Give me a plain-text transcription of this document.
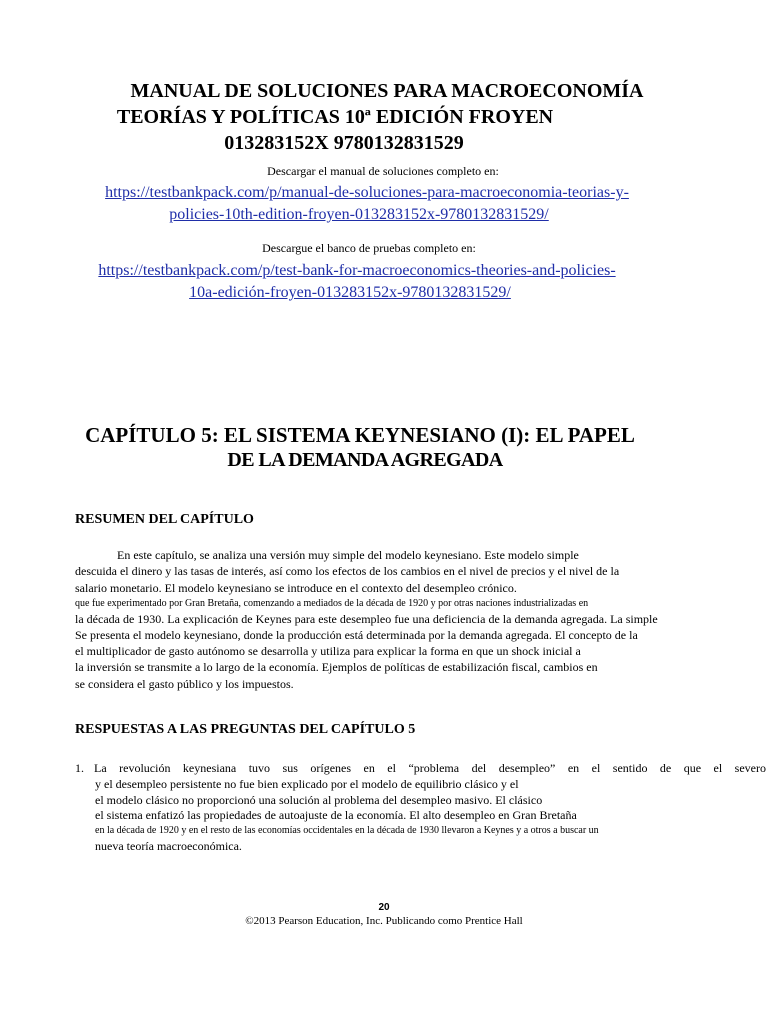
MANUAL DE SOLUCIONES PARA MACROECONOMÍA
TEORÍAS Y POLÍTICAS 10ª EDICIÓN FROYEN
013283152X 9780132831529
Descargar el manual de soluciones completo en:
https://testbankpack.com/p/manual-de-soluciones-para-macroeconomia-teorias-y-
policies-10th-edition-froyen-013283152x-9780132831529/
Descargue el banco de pruebas completo en:
https://testbankpack.com/p/test-bank-for-macroeconomics-theories-and-policies-
10a-edición-froyen-013283152x-9780132831529/
CAPÍTULO 5: EL SISTEMA KEYNESIANO (I): EL PAPEL
DE LA DEMANDA AGREGADA
RESUMEN DEL CAPÍTULO
En este capítulo, se analiza una versión muy simple del modelo keynesiano. Este modelo simple
descuida el dinero y las tasas de interés, así como los efectos de los cambios en el nivel de precios y el nivel de la
salario monetario. El modelo keynesiano se introduce en el contexto del desempleo crónico.
que fue experimentado por Gran Bretaña, comenzando a mediados de la década de 1920 y por otras naciones industrializadas en
la década de 1930. La explicación de Keynes para este desempleo fue una deficiencia de la demanda agregada. La simple
Se presenta el modelo keynesiano, donde la producción está determinada por la demanda agregada. El concepto de la
el multiplicador de gasto autónomo se desarrolla y utiliza para explicar la forma en que un shock inicial a
la inversión se transmite a lo largo de la economía. Ejemplos de políticas de estabilización fiscal, cambios en
se considera el gasto público y los impuestos.
RESPUESTAS A LAS PREGUNTAS DEL CAPÍTULO 5
1. La revolución keynesiana tuvo sus orígenes en el “problema del desempleo” en el sentido de que el severo
y el desempleo persistente no fue bien explicado por el modelo de equilibrio clásico y el
el modelo clásico no proporcionó una solución al problema del desempleo masivo. El clásico
el sistema enfatizó las propiedades de autoajuste de la economía. El alto desempleo en Gran Bretaña
en la década de 1920 y en el resto de las economías occidentales en la década de 1930 llevaron a Keynes y a otros a buscar un
nueva teoría macroeconómica.
20
©2013 Pearson Education, Inc. Publicando como Prentice Hall
